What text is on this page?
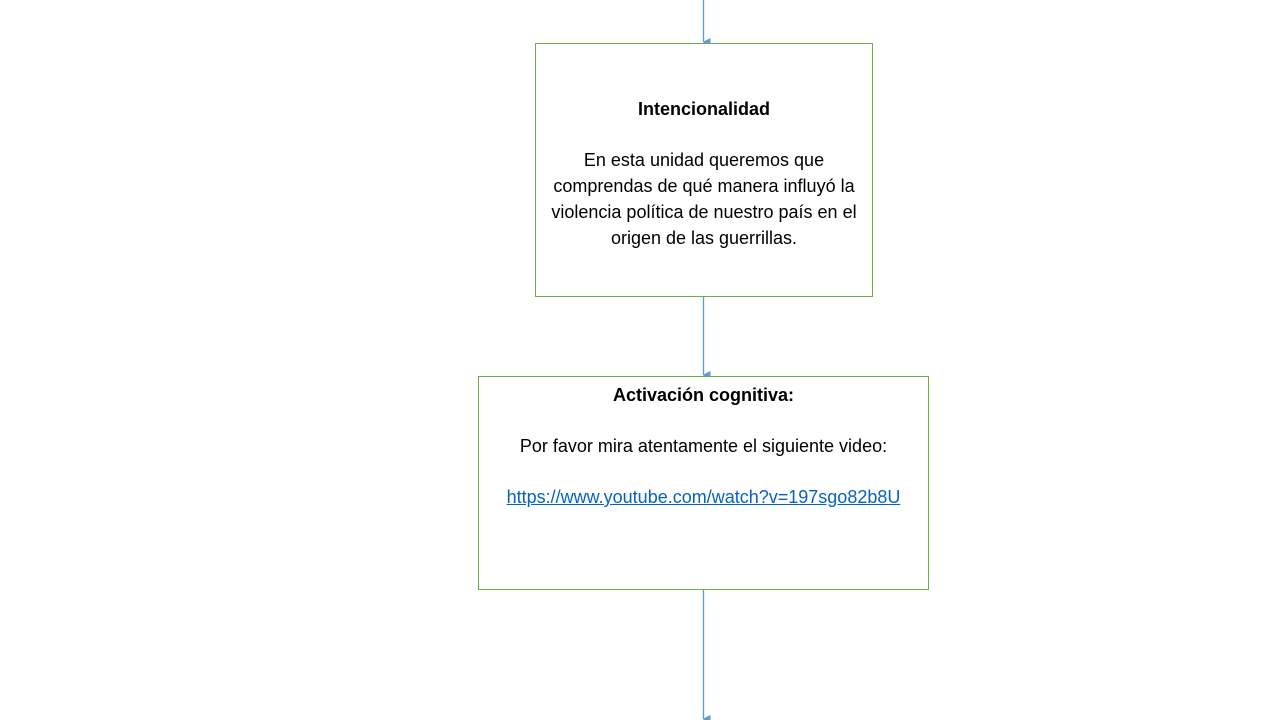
Intencionalidad

En esta unidad queremos que comprendas de qué manera influyó la violencia política de nuestro país en el origen de las guerrillas.

Activación cognitiva:

Por favor mira atentamente el siguiente video:

https://www.youtube.com/watch?v=197sgo82b8U
